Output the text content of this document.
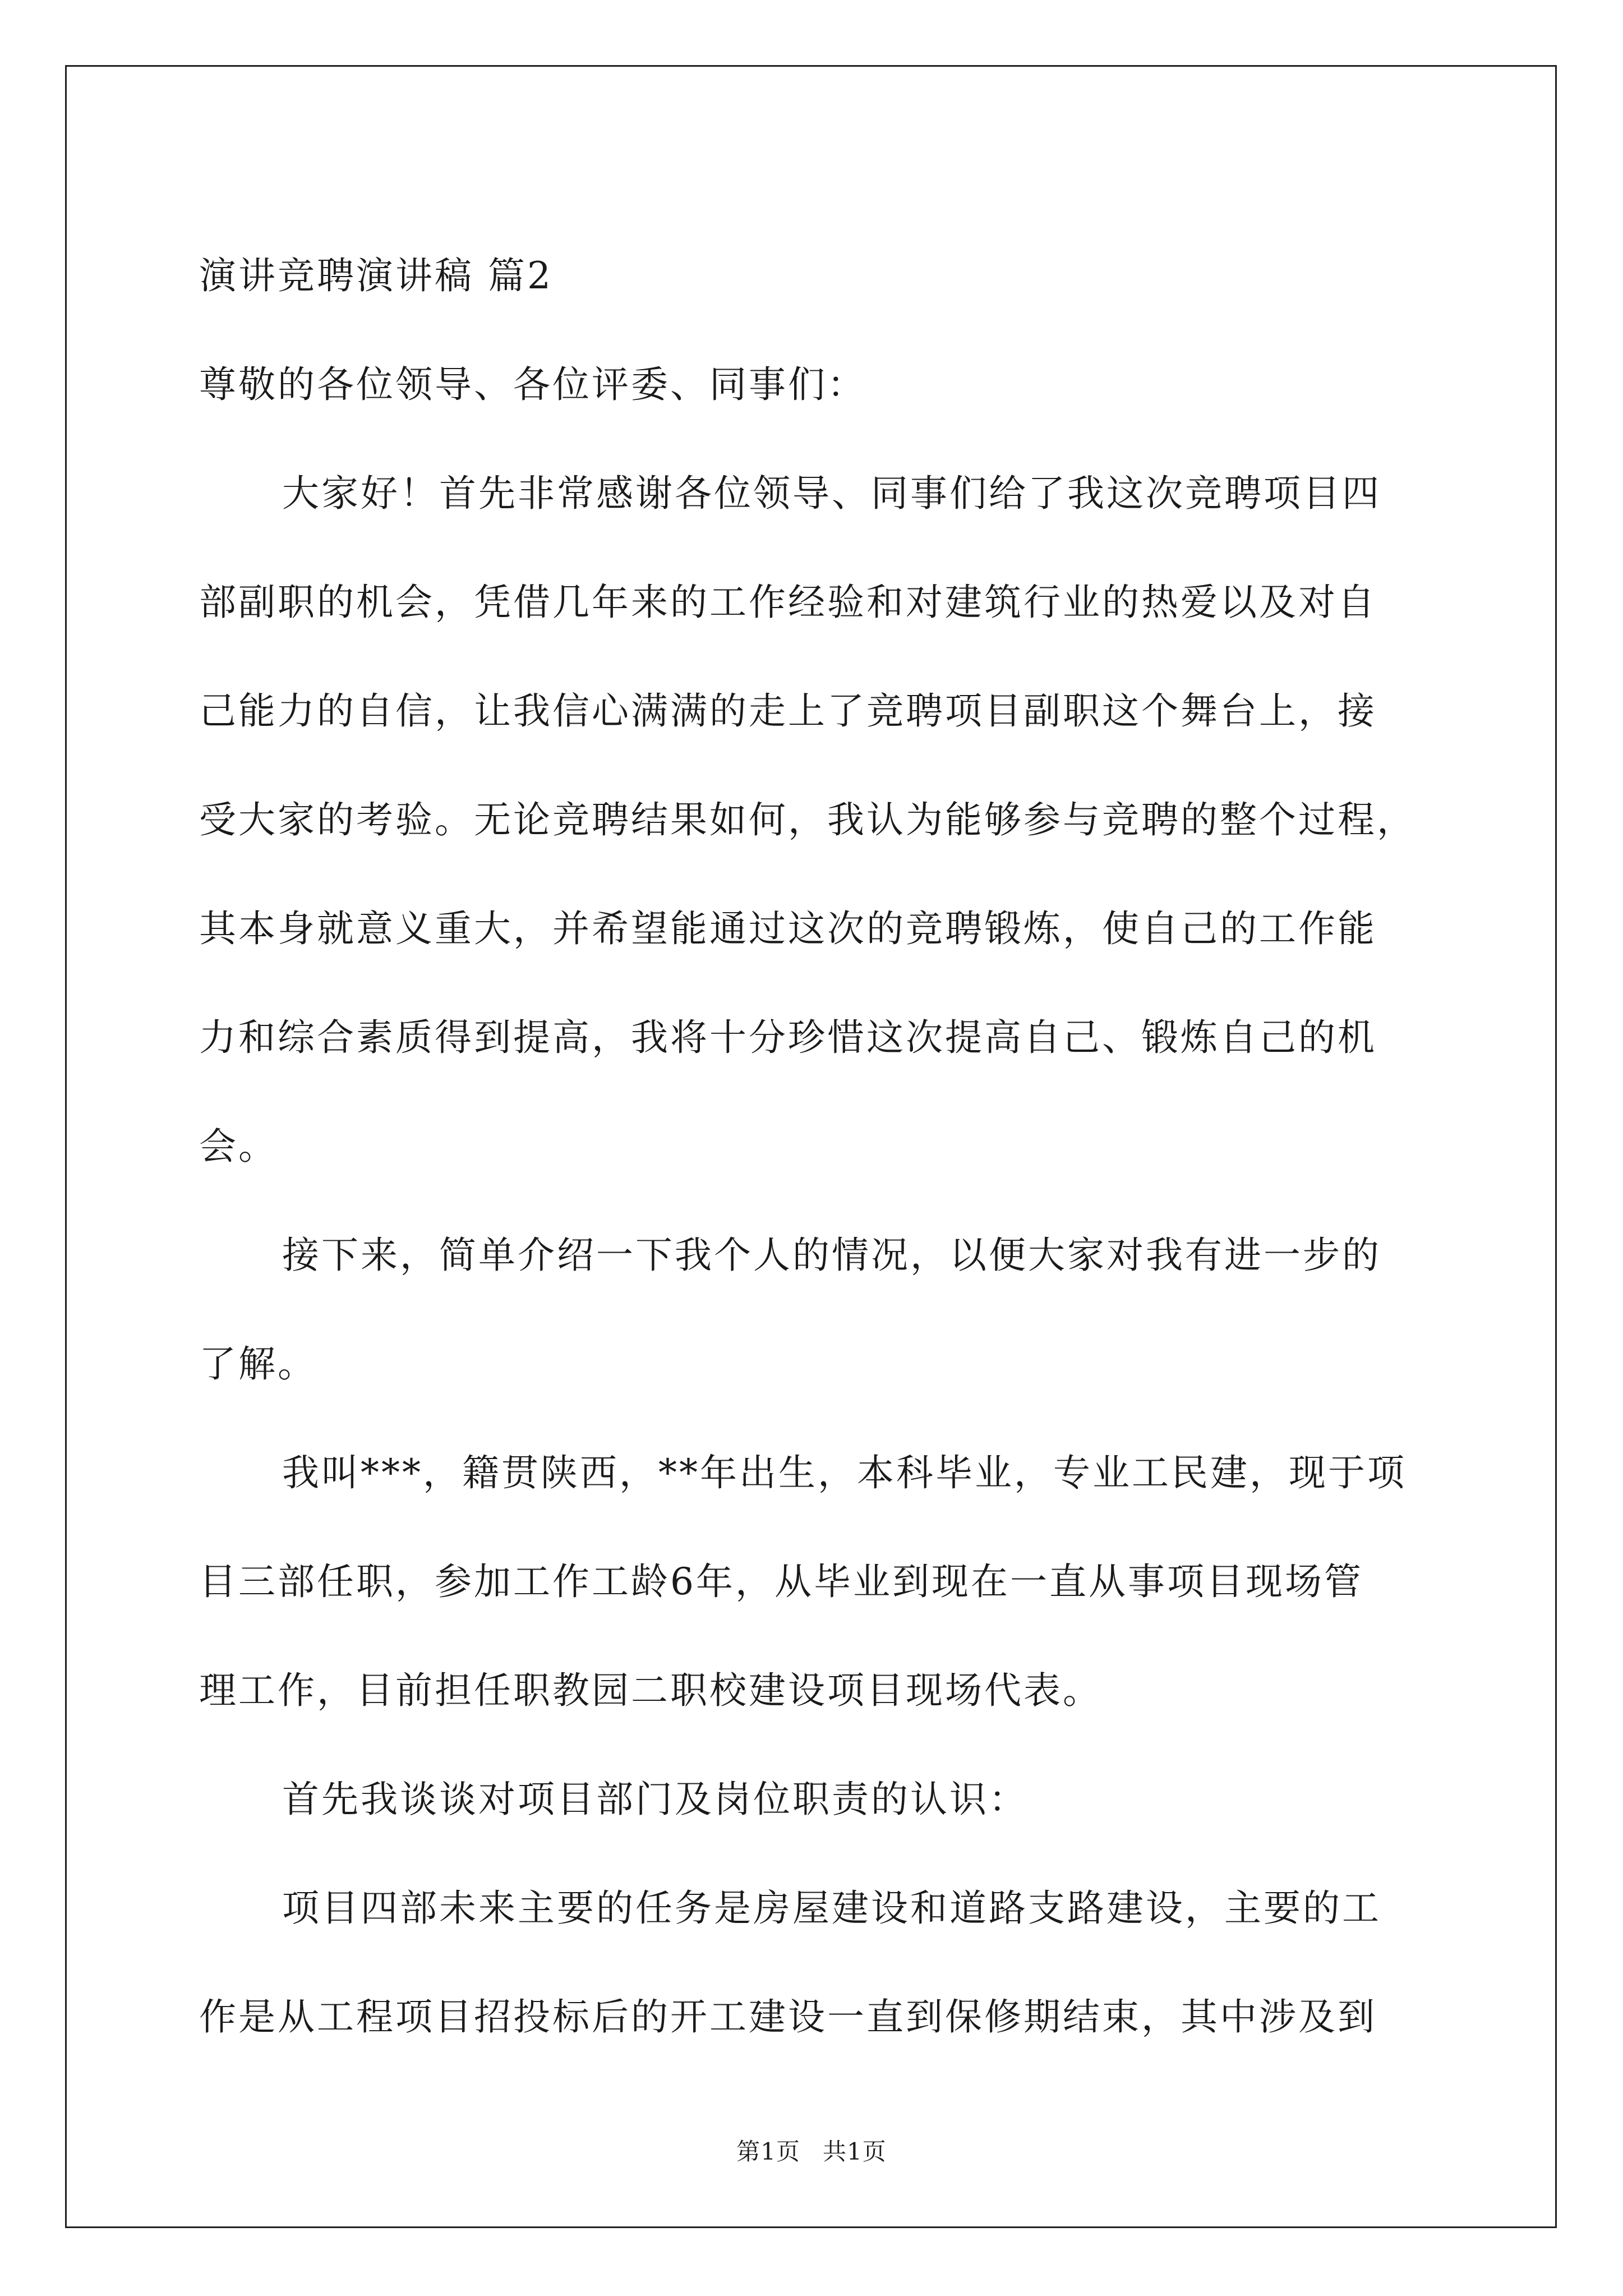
演讲竞聘演讲稿 篇2
尊敬的各位领导、各位评委、同事们：
大家好！首先非常感谢各位领导、同事们给了我这次竞聘项目四
部副职的机会，凭借几年来的工作经验和对建筑行业的热爱以及对自
己能力的自信，让我信心满满的走上了竞聘项目副职这个舞台上，接
受大家的考验。无论竞聘结果如何，我认为能够参与竞聘的整个过程，
其本身就意义重大，并希望能通过这次的竞聘锻炼，使自己的工作能
力和综合素质得到提高，我将十分珍惜这次提高自己、锻炼自己的机
会。
接下来，简单介绍一下我个人的情况，以便大家对我有进一步的
了解。
我叫***，籍贯陕西，**年出生，本科毕业，专业工民建，现于项
目三部任职，参加工作工龄6年，从毕业到现在一直从事项目现场管
理工作，目前担任职教园二职校建设项目现场代表。
首先我谈谈对项目部门及岗位职责的认识：
项目四部未来主要的任务是房屋建设和道路支路建设，主要的工
作是从工程项目招投标后的开工建设一直到保修期结束，其中涉及到
第1页 共1页
